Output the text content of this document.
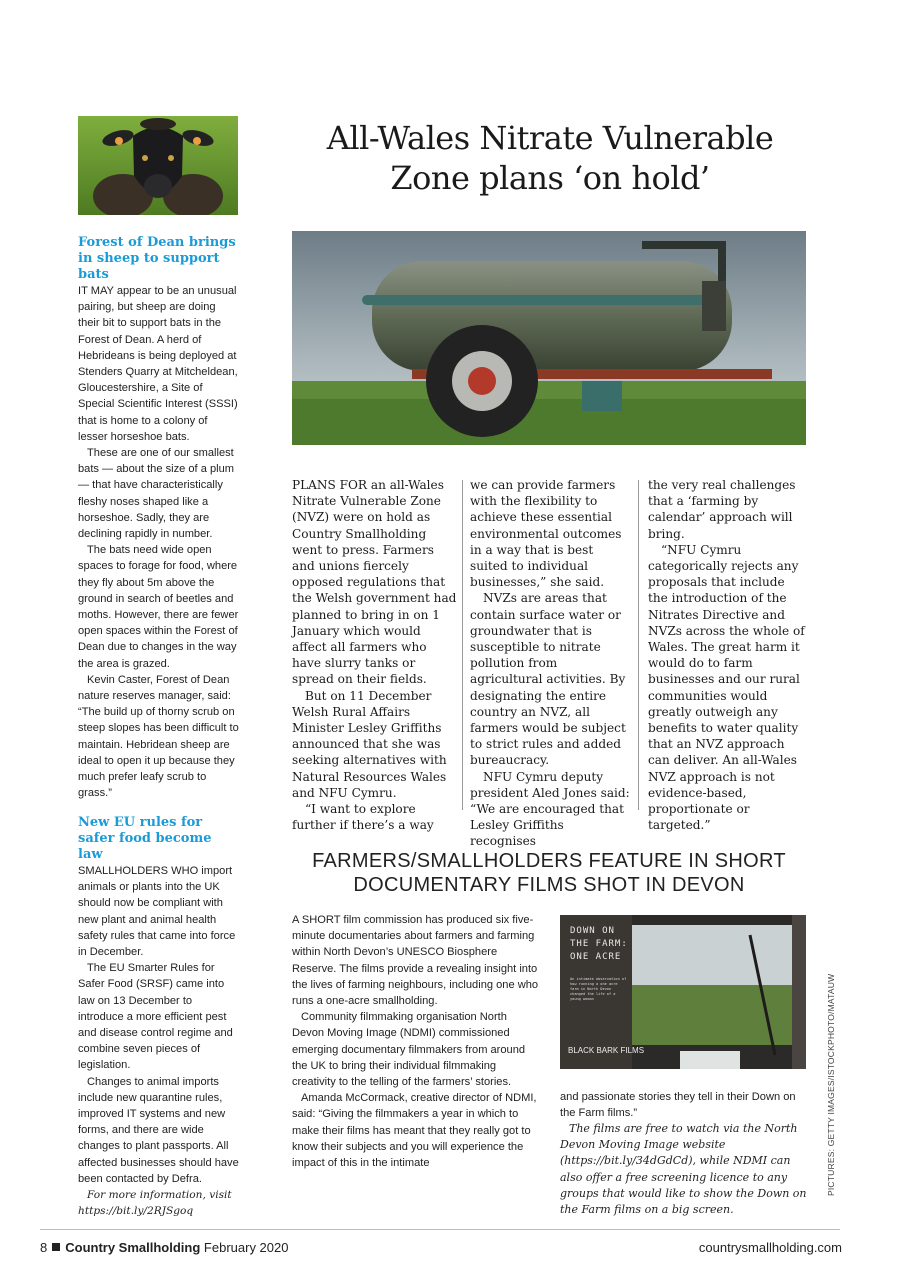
Forest of Dean brings in sheep to support bats

IT MAY appear to be an unusual pairing, but sheep are doing their bit to support bats in the Forest of Dean. A herd of Hebrideans is being deployed at Stenders Quarry at Mitcheldean, Gloucestershire, a Site of Special Scientific Interest (SSSI) that is home to a colony of lesser horseshoe bats.

These are one of our smallest bats — about the size of a plum — that have characteristically fleshy noses shaped like a horseshoe. Sadly, they are declining rapidly in number.

The bats need wide open spaces to forage for food, where they fly about 5m above the ground in search of beetles and moths. However, there are fewer open spaces within the Forest of Dean due to changes in the way the area is grazed.

Kevin Caster, Forest of Dean nature reserves manager, said: “The build up of thorny scrub on steep slopes has been difficult to maintain. Hebridean sheep are ideal to open it up because they much prefer leafy scrub to grass.”

New EU rules for safer food become law

SMALLHOLDERS WHO import animals or plants into the UK should now be compliant with new plant and animal health safety rules that came into force in December.

The EU Smarter Rules for Safer Food (SRSF) came into law on 13 December to introduce a more efficient pest and disease control regime and combine seven pieces of legislation.

Changes to animal imports include new quarantine rules, improved IT systems and new forms, and there are wide changes to plant passports. All affected businesses should have been contacted by Defra.

For more information, visit https://bit.ly/2RJSgoq

All-Wales Nitrate Vulnerable Zone plans ‘on hold’

PLANS FOR an all-Wales Nitrate Vulnerable Zone (NVZ) were on hold as Country Smallholding went to press. Farmers and unions fiercely opposed regulations that the Welsh government had planned to bring in on 1 January which would affect all farmers who have slurry tanks or spread on their fields.

But on 11 December Welsh Rural Affairs Minister Lesley Griffiths announced that she was seeking alternatives with Natural Resources Wales and NFU Cymru.

“I want to explore further if there’s a way

we can provide farmers with the flexibility to achieve these essential environmental outcomes in a way that is best suited to individual businesses,” she said.

NVZs are areas that contain surface water or groundwater that is susceptible to nitrate pollution from agricultural activities. By designating the entire country an NVZ, all farmers would be subject to strict rules and added bureaucracy.

NFU Cymru deputy president Aled Jones said: “We are encouraged that Lesley Griffiths recognises

the very real challenges that a ‘farming by calendar’ approach will bring.

“NFU Cymru categorically rejects any proposals that include the introduction of the Nitrates Directive and NVZs across the whole of Wales. The great harm it would do to farm businesses and our rural communities would greatly outweigh any benefits to water quality that an NVZ approach can deliver. An all-Wales NVZ approach is not evidence-based, proportionate or targeted.”

FARMERS/SMALLHOLDERS FEATURE IN SHORT DOCUMENTARY FILMS SHOT IN DEVON

A SHORT film commission has produced six five-minute documentaries about farmers and farming within North Devon’s UNESCO Biosphere Reserve. The films provide a revealing insight into the lives of farming neighbours, including one who runs a one-acre smallholding.

Community filmmaking organisation North Devon Moving Image (NDMI) commissioned emerging documentary filmmakers from around the UK to bring their individual filmmaking creativity to the telling of the farmers’ stories.

Amanda McCormack, creative director of NDMI, said: “Giving the filmmakers a year in which to make their films has meant that they really got to know their subjects and you will experience the impact of this in the intimate

DOWN ON THE FARM: ONE ACRE
An intimate observation of how running a one acre farm in North Devon changed the life of a young woman
BLACK BARK FILMS

and passionate stories they tell in their Down on the Farm films.”

The films are free to watch via the North Devon Moving Image website (https://bit.ly/34dGdCd), while NDMI can also offer a free screening licence to any groups that would like to show the Down on the Farm films on a big screen.

PICTURES: GETTY IMAGES/ISTOCKPHOTO/MATAUW
8 Country Smallholding February 2020	countrysmallholding.com
